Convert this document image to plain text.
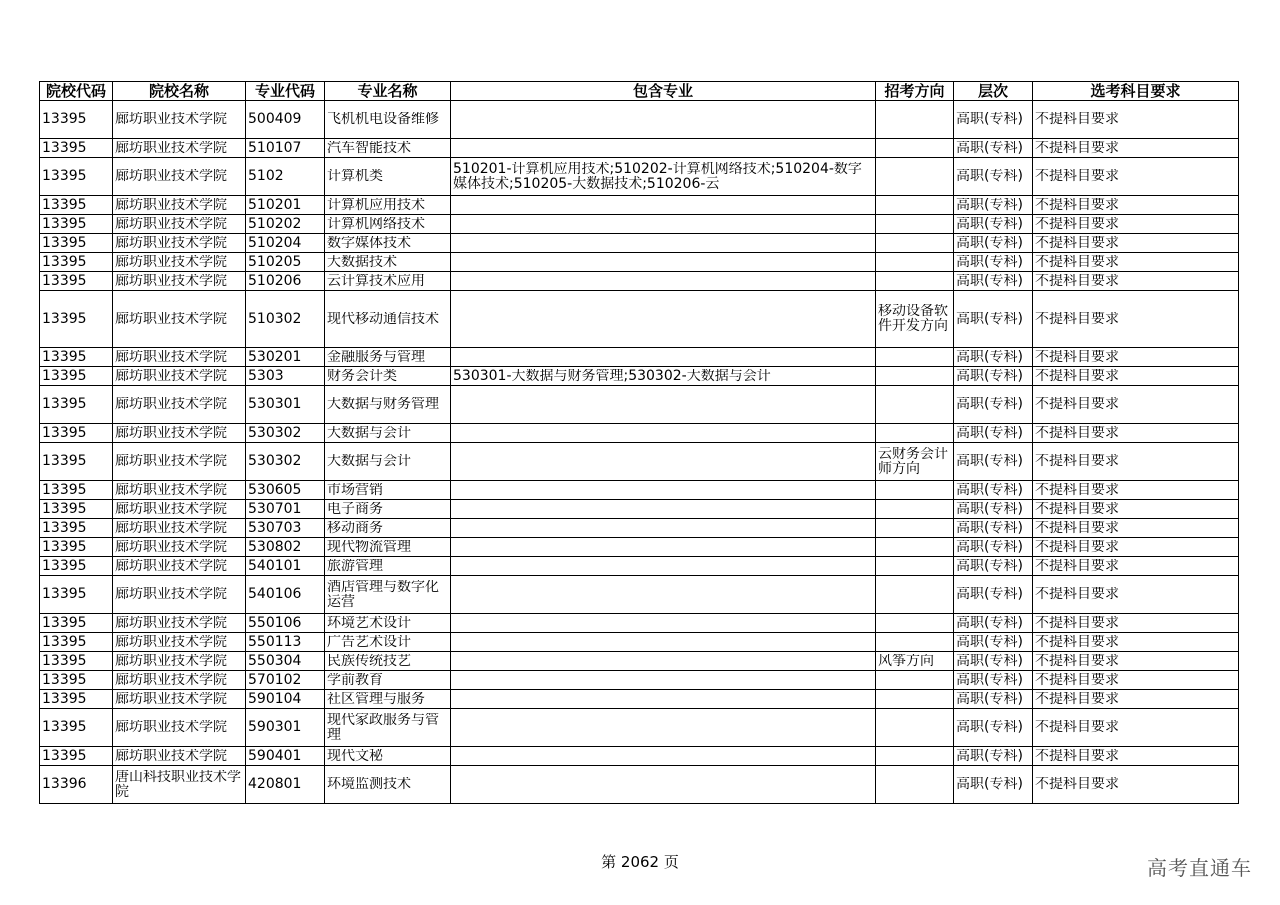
院校代码	院校名称	专业代码	专业名称	包含专业	招考方向	层次	选考科目要求

13395	廊坊职业技术学院	500409	飞机机电设备维修			高职(专科)	不提科目要求

13395	廊坊职业技术学院	510107	汽车智能技术			高职(专科)	不提科目要求

13395	廊坊职业技术学院	5102	计算机类	510201-计算机应用技术;510202-计算机网络技术;510204-数字媒体技术;510205-大数据技术;510206-云		高职(专科)	不提科目要求

13395	廊坊职业技术学院	510201	计算机应用技术			高职(专科)	不提科目要求

13395	廊坊职业技术学院	510202	计算机网络技术			高职(专科)	不提科目要求

13395	廊坊职业技术学院	510204	数字媒体技术			高职(专科)	不提科目要求

13395	廊坊职业技术学院	510205	大数据技术			高职(专科)	不提科目要求

13395	廊坊职业技术学院	510206	云计算技术应用			高职(专科)	不提科目要求

13395	廊坊职业技术学院	510302	现代移动通信技术		移动设备软件开发方向	高职(专科)	不提科目要求

13395	廊坊职业技术学院	530201	金融服务与管理			高职(专科)	不提科目要求

13395	廊坊职业技术学院	5303	财务会计类	530301-大数据与财务管理;530302-大数据与会计		高职(专科)	不提科目要求

13395	廊坊职业技术学院	530301	大数据与财务管理			高职(专科)	不提科目要求

13395	廊坊职业技术学院	530302	大数据与会计			高职(专科)	不提科目要求

13395	廊坊职业技术学院	530302	大数据与会计		云财务会计师方向	高职(专科)	不提科目要求

13395	廊坊职业技术学院	530605	市场营销			高职(专科)	不提科目要求

13395	廊坊职业技术学院	530701	电子商务			高职(专科)	不提科目要求

13395	廊坊职业技术学院	530703	移动商务			高职(专科)	不提科目要求

13395	廊坊职业技术学院	530802	现代物流管理			高职(专科)	不提科目要求

13395	廊坊职业技术学院	540101	旅游管理			高职(专科)	不提科目要求

13395	廊坊职业技术学院	540106	酒店管理与数字化运营			高职(专科)	不提科目要求

13395	廊坊职业技术学院	550106	环境艺术设计			高职(专科)	不提科目要求

13395	廊坊职业技术学院	550113	广告艺术设计			高职(专科)	不提科目要求

13395	廊坊职业技术学院	550304	民族传统技艺		风筝方向	高职(专科)	不提科目要求

13395	廊坊职业技术学院	570102	学前教育			高职(专科)	不提科目要求

13395	廊坊职业技术学院	590104	社区管理与服务			高职(专科)	不提科目要求

13395	廊坊职业技术学院	590301	现代家政服务与管理			高职(专科)	不提科目要求

13395	廊坊职业技术学院	590401	现代文秘			高职(专科)	不提科目要求

13396	唐山科技职业技术学院	420801	环境监测技术			高职(专科)	不提科目要求
第 2062 页	高考直通车
